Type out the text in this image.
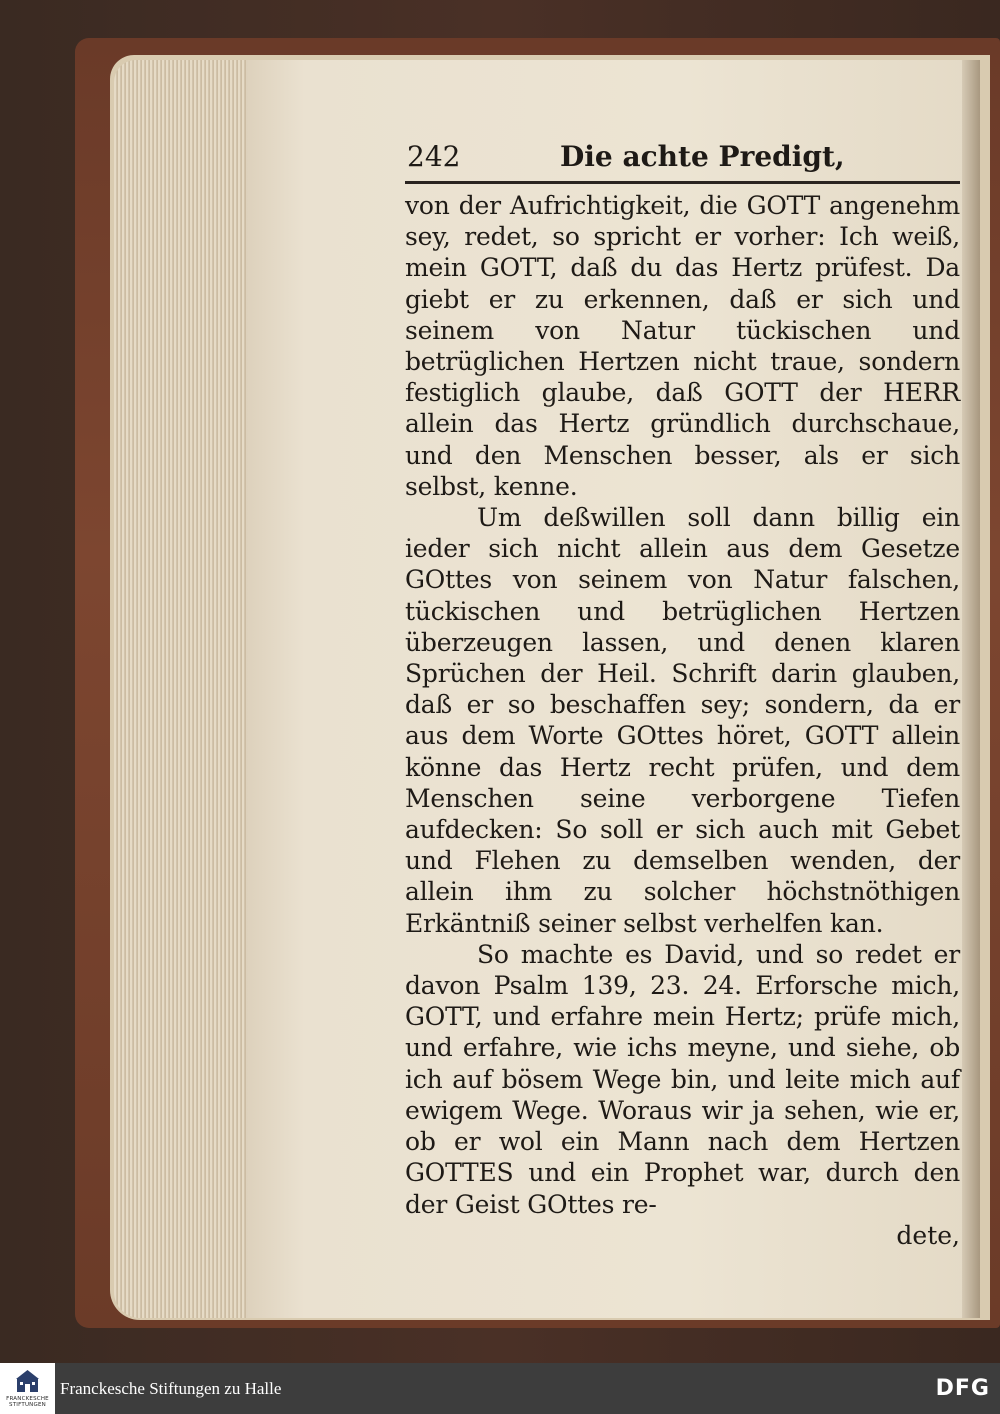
242	Die achte Predigt,

von der Aufrichtigkeit, die GOTT angenehm sey, redet, so spricht er vorher: Ich weiß, mein GOTT, daß du das Hertz prüfest. Da giebt er zu erkennen, daß er sich und seinem von Natur tückischen und betrüglichen Hertzen nicht traue, sondern festiglich glaube, daß GOTT der HERR allein das Hertz gründlich durchschaue, und den Menschen besser, als er sich selbst, kenne.

Um deßwillen soll dann billig ein ieder sich nicht allein aus dem Gesetze GOttes von seinem von Natur falschen, tückischen und betrüglichen Hertzen überzeugen lassen, und denen klaren Sprüchen der Heil. Schrift darin glauben, daß er so beschaffen sey; sondern, da er aus dem Worte GOttes höret, GOTT allein könne das Hertz recht prüfen, und dem Menschen seine verborgene Tiefen aufdecken: So soll er sich auch mit Gebet und Flehen zu demselben wenden, der allein ihm zu solcher höchstnöthigen Erkäntniß seiner selbst verhelfen kan.

So machte es David, und so redet er davon Psalm 139, 23. 24. Erforsche mich, GOTT, und erfahre mein Hertz; prüfe mich, und erfahre, wie ichs meyne, und siehe, ob ich auf bösem Wege bin, und leite mich auf ewigem Wege. Woraus wir ja sehen, wie er, ob er wol ein Mann nach dem Hertzen GOTTES und ein Prophet war, durch den der Geist GOttes re-

dete,

FRANCKESCHE STIFTUNGEN
Franckesche Stiftungen zu Halle	DFG
